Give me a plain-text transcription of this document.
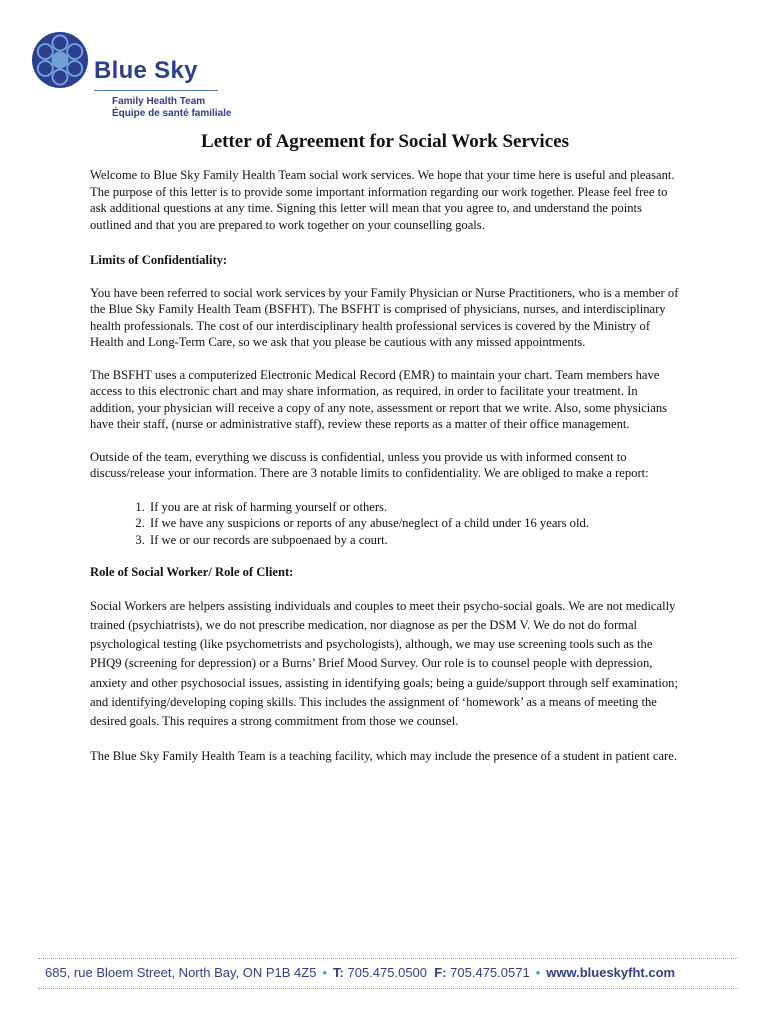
Blue Sky
Family Health Team
Équipe de santé familiale
Letter of Agreement for Social Work Services

Welcome to Blue Sky Family Health Team social work services. We hope that your time here is useful and pleasant. The purpose of this letter is to provide some important information regarding our work together. Please feel free to ask additional questions at any time. Signing this letter will mean that you agree to, and understand the points outlined and that you are prepared to work together on your counselling goals.

Limits of Confidentiality:

You have been referred to social work services by your Family Physician or Nurse Practitioners, who is a member of the Blue Sky Family Health Team (BSFHT). The BSFHT is comprised of physicians, nurses, and interdisciplinary health professionals. The cost of our interdisciplinary health professional services is covered by the Ministry of Health and Long-Term Care, so we ask that you please be cautious with any missed appointments.

The BSFHT uses a computerized Electronic Medical Record (EMR) to maintain your chart. Team members have access to this electronic chart and may share information, as required, in order to facilitate your treatment. In addition, your physician will receive a copy of any note, assessment or report that we write. Also, some physicians have their staff, (nurse or administrative staff), review these reports as a matter of their office management.

Outside of the team, everything we discuss is confidential, unless you provide us with informed consent to discuss/release your information. There are 3 notable limits to confidentiality. We are obliged to make a report:

1. If you are at risk of harming yourself or others.
2. If we have any suspicions or reports of any abuse/neglect of a child under 16 years old.
3. If we or our records are subpoenaed by a court.

Role of Social Worker/ Role of Client:

Social Workers are helpers assisting individuals and couples to meet their psycho-social goals. We are not medically trained (psychiatrists), we do not prescribe medication, nor diagnose as per the DSM V. We do not do formal psychological testing (like psychometrists and psychologists), although, we may use screening tools such as the PHQ9 (screening for depression) or a Burns’ Brief Mood Survey. Our role is to counsel people with depression, anxiety and other psychosocial issues, assisting in identifying goals; being a guide/support through self examination; and identifying/developing coping skills. This includes the assignment of ‘homework’ as a means of meeting the desired goals. This requires a strong commitment from those we counsel.

The Blue Sky Family Health Team is a teaching facility, which may include the presence of a student in patient care.

685, rue Bloem Street, North Bay, ON P1B 4Z5 • T: 705.475.0500 F: 705.475.0571 • www.blueskyfht.com
